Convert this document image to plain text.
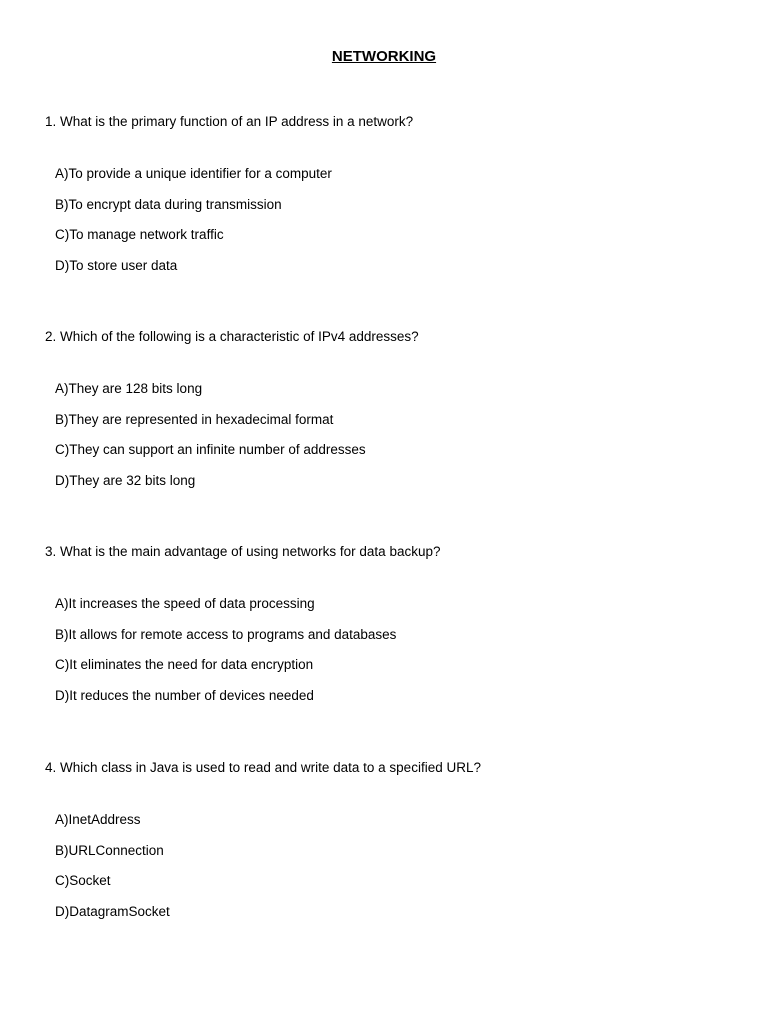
NETWORKING

1. What is the primary function of an IP address in a network?

A)To provide a unique identifier for a computer
B)To encrypt data during transmission
C)To manage network traffic
D)To store user data

2. Which of the following is a characteristic of IPv4 addresses?

A)They are 128 bits long
B)They are represented in hexadecimal format
C)They can support an infinite number of addresses
D)They are 32 bits long

3. What is the main advantage of using networks for data backup?

A)It increases the speed of data processing
B)It allows for remote access to programs and databases
C)It eliminates the need for data encryption
D)It reduces the number of devices needed

4. Which class in Java is used to read and write data to a specified URL?

A)InetAddress
B)URLConnection
C)Socket
D)DatagramSocket
